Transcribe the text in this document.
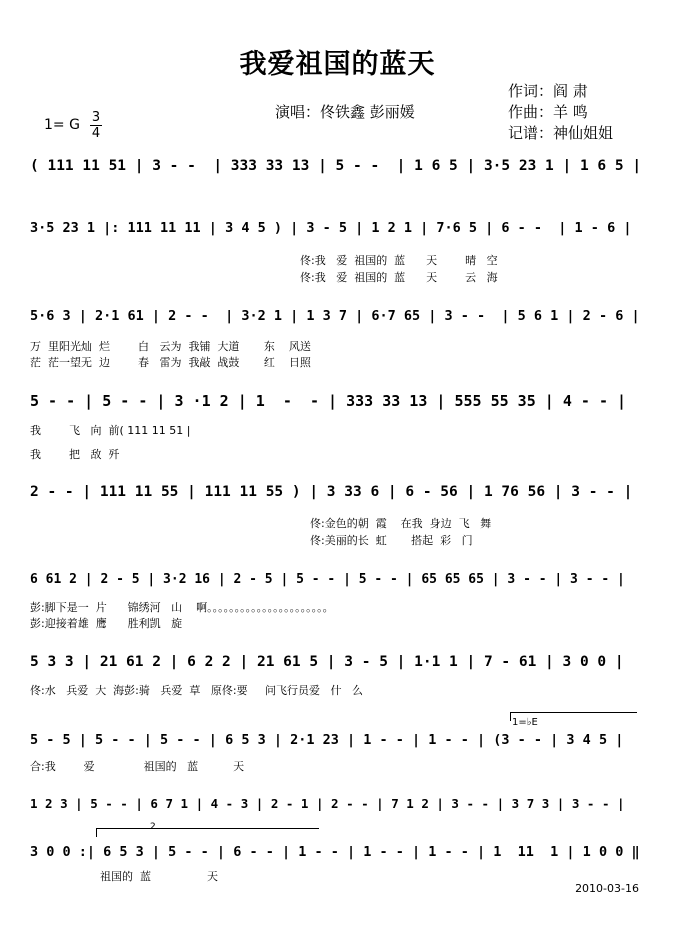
我爱祖国的蓝天
演唱：佟铁鑫 彭丽媛
作词：阎 肃
作曲：羊 鸣
记谱：神仙姐姐
1= G 3
4
( 111 11 51 | 3 - -  | 333 33 13 | 5 - -  | 1 6 5 | 3·5 23 1 | 1 6 5 |
3·5 23 1 |: 111 11 11 | 3 4 5 ) | 3 - 5 | 1 2 1 | 7·6 5 | 6 - -  | 1 - 6 |
佟:我   爱  祖国的  蓝      天        晴   空
佟:我   爱  祖国的  蓝      天        云   海
5·6 3 | 2·1 61 | 2 - -  | 3·2 1 | 1 3 7 | 6·7 65 | 3 - -  | 5 6 1 | 2 - 6 |
万  里阳光灿  烂        白   云为  我铺  大道       东    风送
茫  茫一望无  边        春   雷为  我敲  战鼓       红    日照
5 - - | 5 - - | 3 ·1 2 | 1  -  - | 333 33 13 | 555 55 35 | 4 - - |
我        飞   向  前( 111 11 51 |
我        把   敌  歼
2 - - | 111 11 55 | 111 11 55 ) | 3 33 6 | 6 - 56 | 1 76 56 | 3 - - |
佟:金色的朝  霞    在我  身边  飞   舞
佟:美丽的长  虹       搭起  彩   门
6 61 2 | 2 - 5 | 3·2 16 | 2 - 5 | 5 - - | 5 - - | 65 65 65 | 3 - - | 3 - - |
彭:脚下是一  片      锦绣河   山    啊。。。。。。。。。。。。。。。。。。。。。。
彭:迎接着雄  鹰      胜利凯   旋
5 3 3 | 21 61 2 | 6 2 2 | 21 61 5 | 3 - 5 | 1·1 1 | 7 - 61 | 3 0 0 |
佟:水   兵爱  大  海彭:骑   兵爱  草   原佟:要     问飞行员爱   什   么
1=♭E
5 - 5 | 5 - - | 5 - - | 6 5 3 | 2·1 23 | 1 - - | 1 - - | (3 - - | 3 4 5 |
合:我        爱              祖国的   蓝          天
1 2 3 | 5 - - | 6 7 1 | 4 - 3 | 2 - 1 | 2 - - | 7 1 2 | 3 - - | 3 7 3 | 3 - - |
2
3 0 0 :| 6 5 3 | 5 - - | 6 - - | 1 - - | 1 - - | 1 - - | 1  11  1 | 1 0 0 ‖
祖国的  蓝                天
2010-03-16
